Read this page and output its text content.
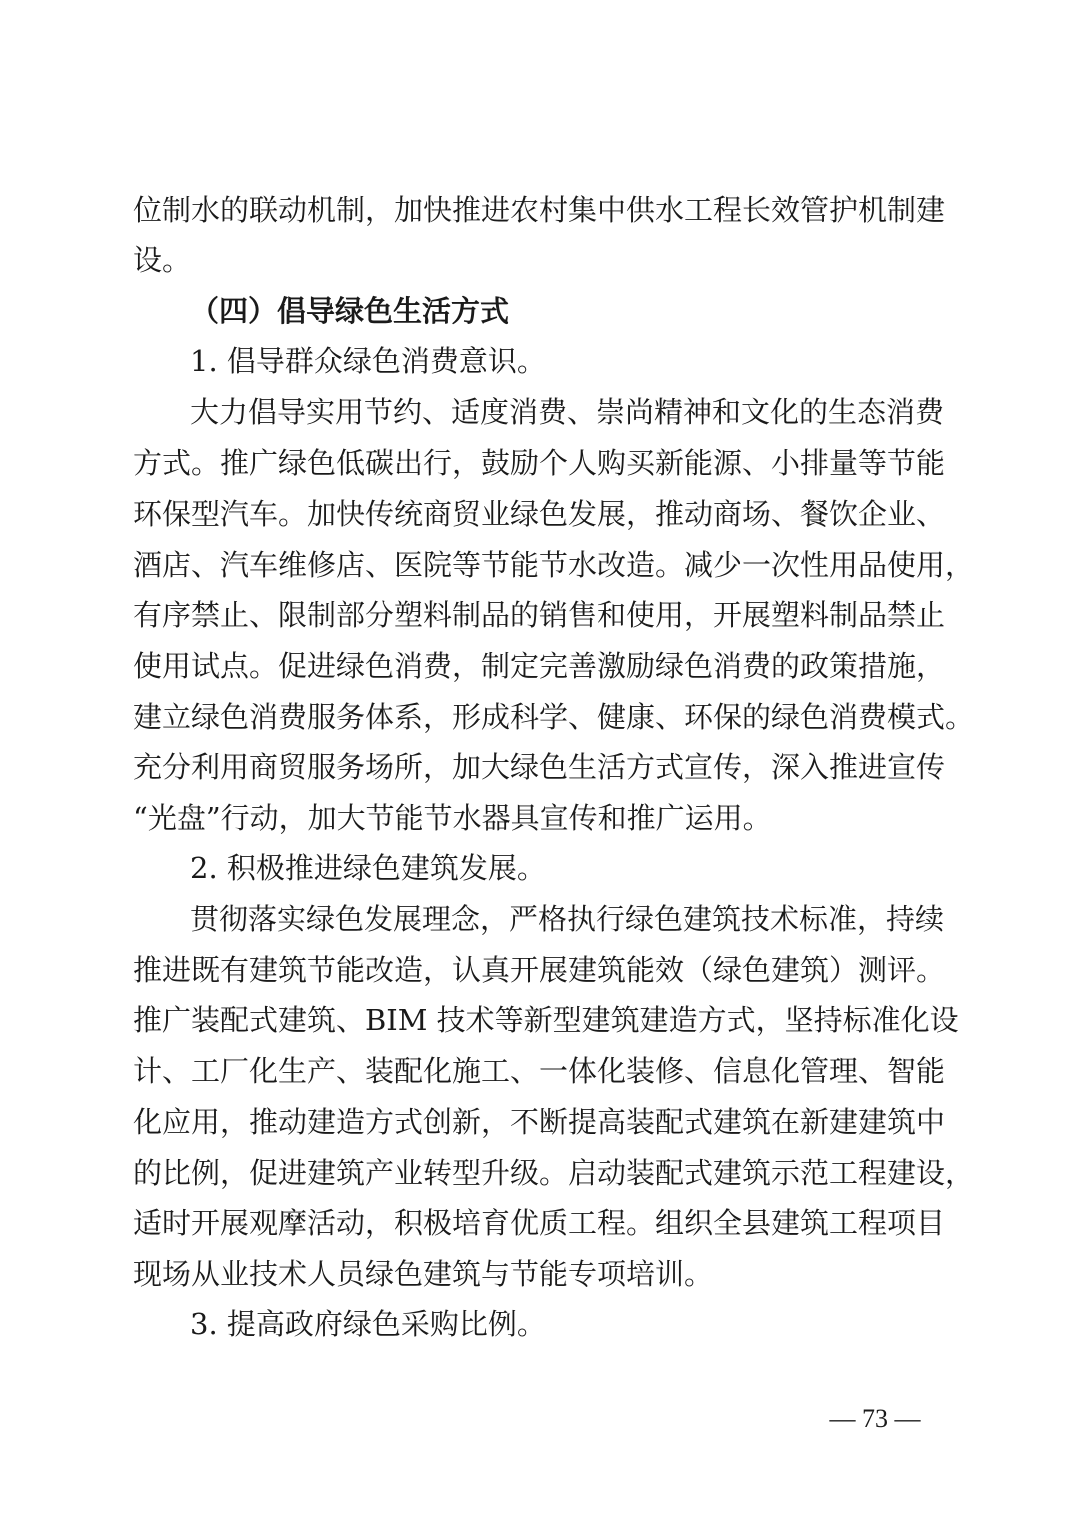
位制水的联动机制，加快推进农村集中供水工程长效管护机制建
设。
（四）倡导绿色生活方式
1. 倡导群众绿色消费意识。
大力倡导实用节约、适度消费、崇尚精神和文化的生态消费
方式。推广绿色低碳出行，鼓励个人购买新能源、小排量等节能
环保型汽车。加快传统商贸业绿色发展，推动商场、餐饮企业、
酒店、汽车维修店、医院等节能节水改造。减少一次性用品使用，
有序禁止、限制部分塑料制品的销售和使用，开展塑料制品禁止
使用试点。促进绿色消费，制定完善激励绿色消费的政策措施，
建立绿色消费服务体系，形成科学、健康、环保的绿色消费模式。
充分利用商贸服务场所，加大绿色生活方式宣传，深入推进宣传
“光盘”行动，加大节能节水器具宣传和推广运用。
2. 积极推进绿色建筑发展。
贯彻落实绿色发展理念，严格执行绿色建筑技术标准，持续
推进既有建筑节能改造，认真开展建筑能效（绿色建筑）测评。
推广装配式建筑、BIM 技术等新型建筑建造方式，坚持标准化设
计、工厂化生产、装配化施工、一体化装修、信息化管理、智能
化应用，推动建造方式创新，不断提高装配式建筑在新建建筑中
的比例，促进建筑产业转型升级。启动装配式建筑示范工程建设，
适时开展观摩活动，积极培育优质工程。组织全县建筑工程项目
现场从业技术人员绿色建筑与节能专项培训。
3. 提高政府绿色采购比例。
— 73 —
